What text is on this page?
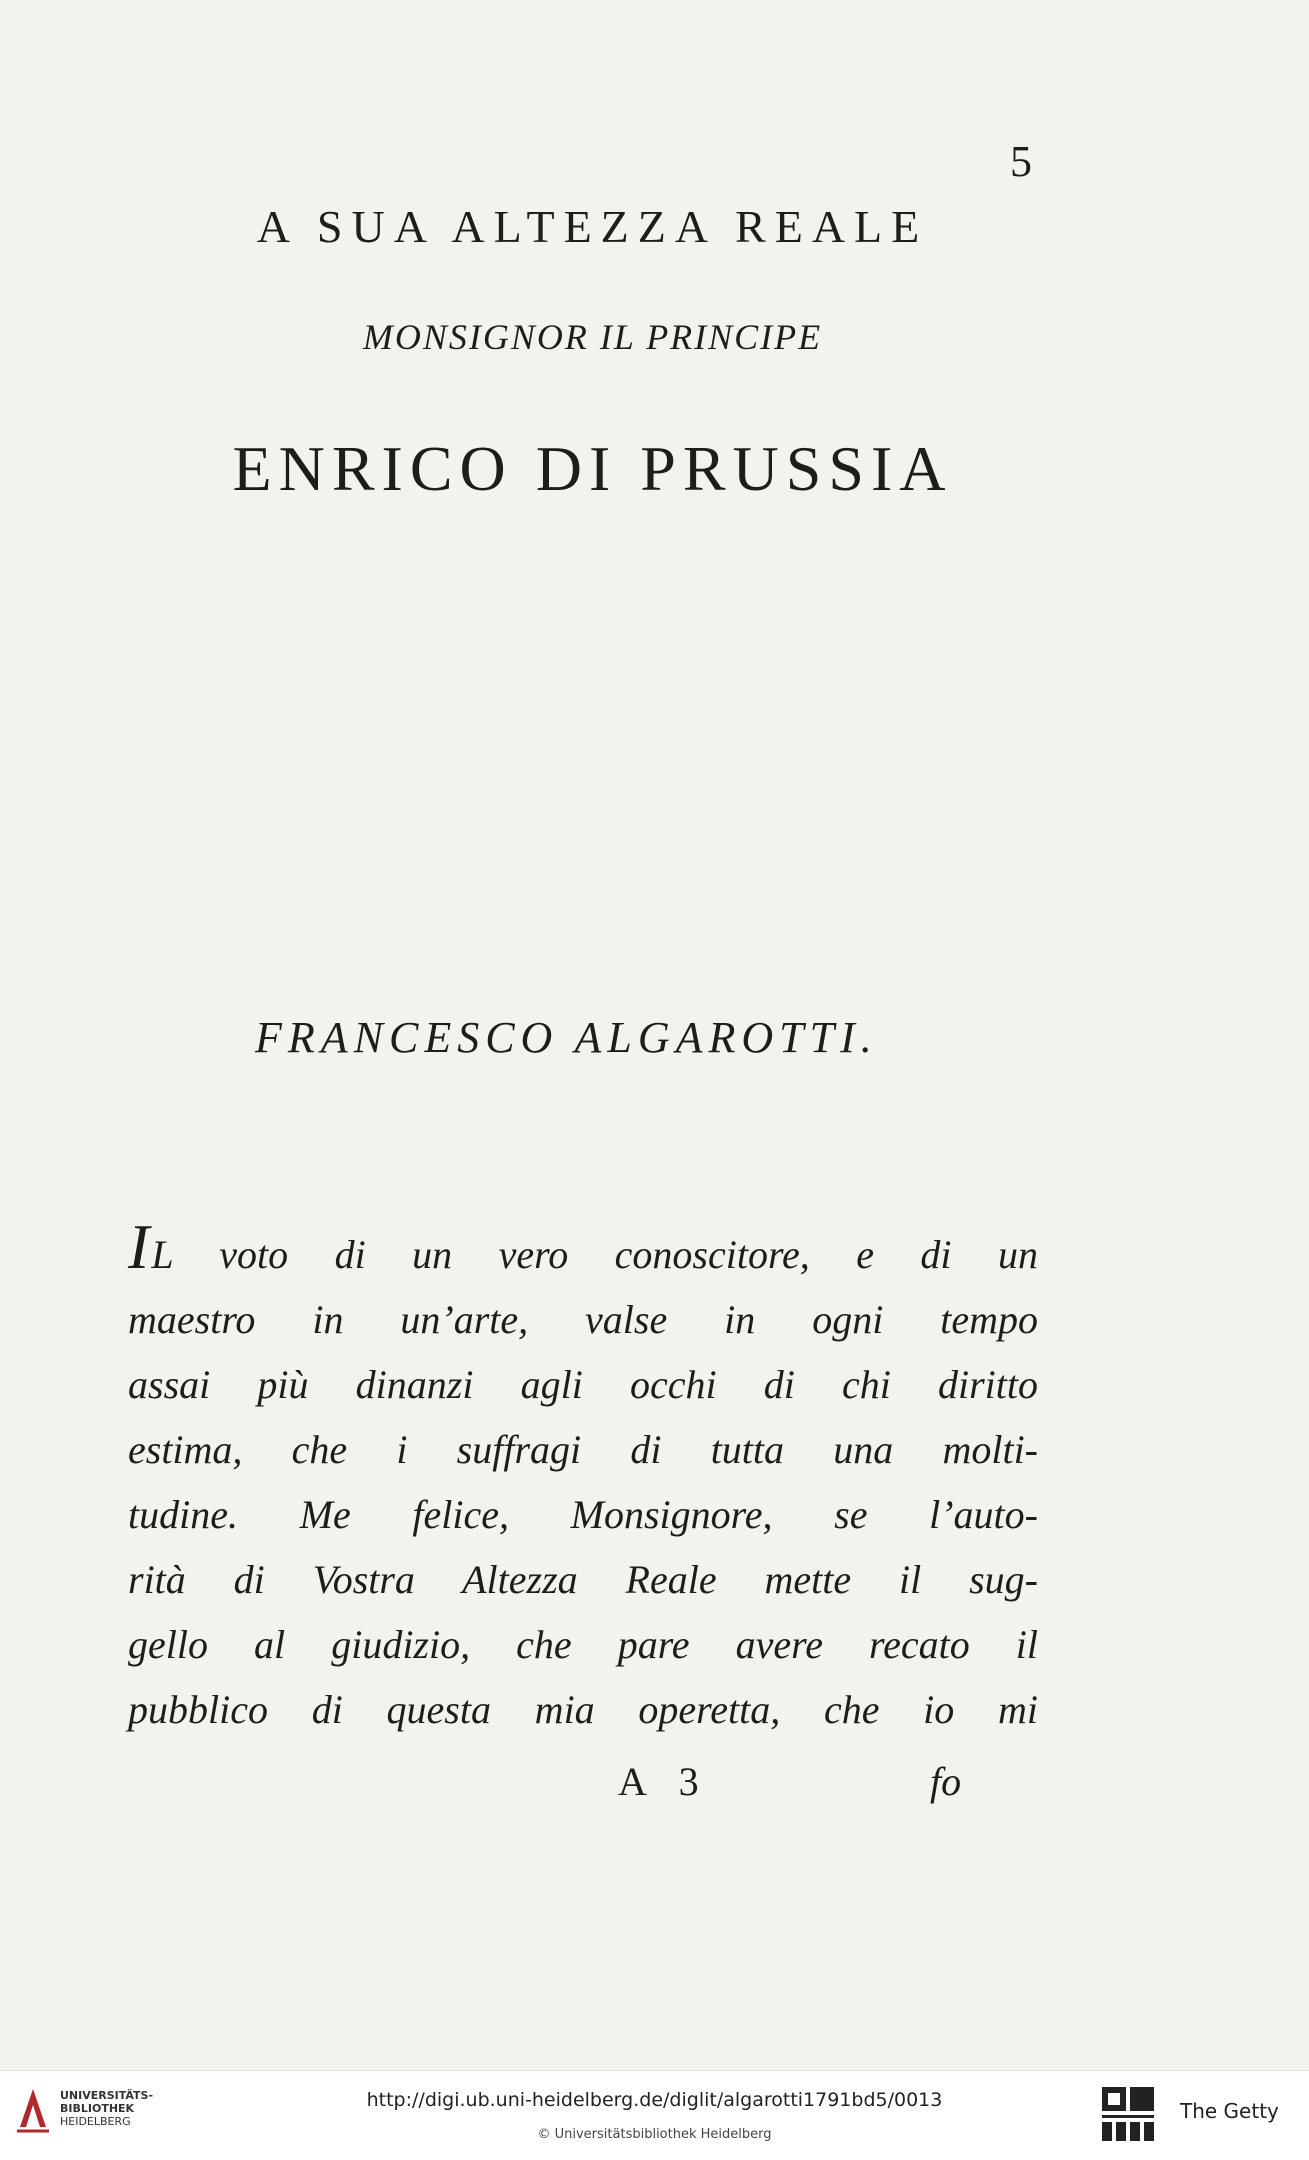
5
A SUA ALTEZZA REALE
MONSIGNOR IL PRINCIPE
ENRICO DI PRUSSIA
FRANCESCO ALGAROTTI.
IL voto di un vero conoscitore, e di un
maestro in un’arte, valse in ogni tempo
assai più dinanzi agli occhi di chi diritto
estima, che i suffragi di tutta una molti-
tudine. Me felice, Monsignore, se l’auto-
rità di Vostra Altezza Reale mette il sug-
gello al giudizio, che pare avere recato il
pubblico di questa mia operetta, che io mi
A 3	fo
UNIVERSITÄTS-
BIBLIOTHEK
HEIDELBERG
http://digi.ub.uni-heidelberg.de/diglit/algarotti1791bd5/0013
© Universitätsbibliothek Heidelberg
The Getty
